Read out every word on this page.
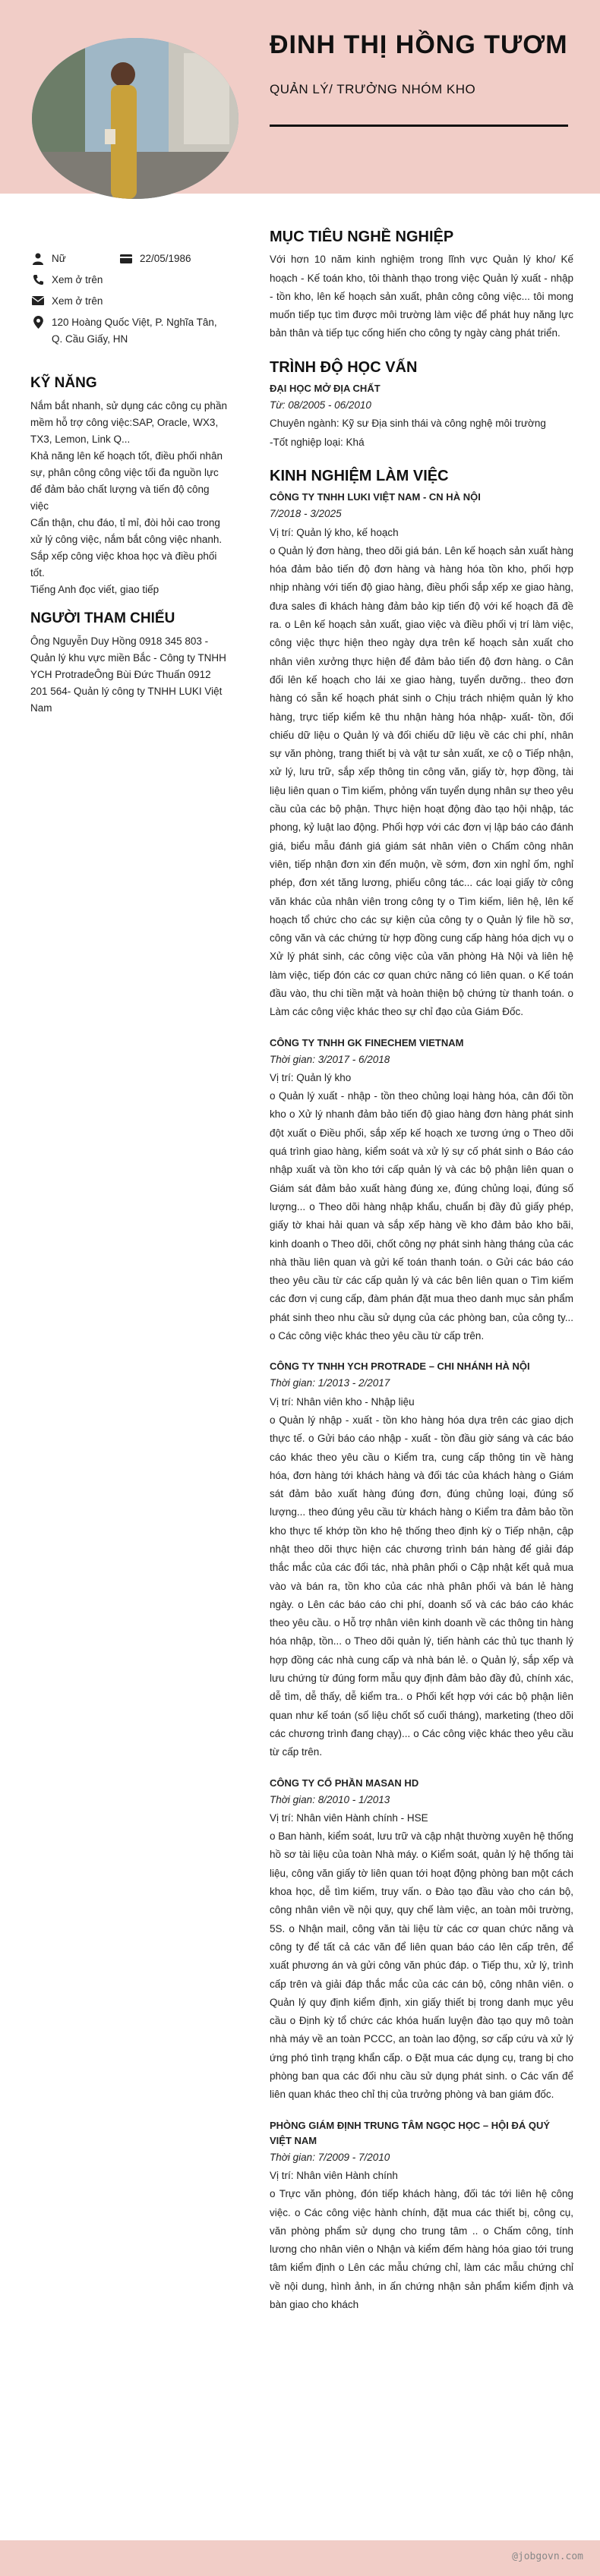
ĐINH THỊ HỒNG TƯƠM

QUẢN LÝ/ TRƯỞNG NHÓM KHO

Nữ	22/05/1986
Xem ở trên
Xem ở trên
120 Hoàng Quốc Việt, P. Nghĩa Tân, Q. Cầu Giấy, HN
KỸ NĂNG

Nắm bắt nhanh, sử dụng các công cụ phần mềm hỗ trợ công việc:SAP, Oracle, WX3, TX3, Lemon, Link Q...

Khả năng lên kế hoạch tốt, điều phối nhân sự, phân công công việc tối đa nguồn lực để đảm bảo chất lượng và tiến độ công việc

Cẩn thận, chu đáo, tỉ mỉ, đòi hỏi cao trong xử lý công việc, nắm bắt công việc nhanh. Sắp xếp công việc khoa học và điều phối tốt.

Tiếng Anh đọc viết, giao tiếp

NGƯỜI THAM CHIẾU

Ông Nguyễn Duy Hồng 0918 345 803 - Quản lý khu vực miền Bắc - Công ty TNHH YCH ProtradeÔng Bùi Đức Thuấn 0912 201 564- Quản lý công ty TNHH LUKI Việt Nam

MỤC TIÊU NGHỀ NGHIỆP
Với hơn 10 năm kinh nghiệm trong lĩnh vực Quản lý kho/ Kế hoạch - Kế toán kho, tôi thành thạo trong việc Quản lý xuất - nhập - tồn kho, lên kế hoạch sản xuất, phân công công việc... tôi mong muốn tiếp tục tìm được môi trường làm việc để phát huy năng lực bản thân và tiếp tục cống hiến cho công ty ngày càng phát triển.
TRÌNH ĐỘ HỌC VẤN
ĐẠI HỌC MỞ ĐỊA CHẤT
Từ: 08/2005 - 06/2010
Chuyên ngành: Kỹ sư Địa sinh thái và công nghệ môi trường
-Tốt nghiệp loại: Khá
KINH NGHIỆM LÀM VIỆC
CÔNG TY TNHH LUKI VIỆT NAM - CN HÀ NỘI
7/2018 - 3/2025
Vị trí: Quản lý kho, kế hoạch
o Quản lý đơn hàng, theo dõi giá bán. Lên kế hoạch sản xuất hàng hóa đảm bảo tiến độ đơn hàng và hàng hóa tồn kho, phối hợp nhịp nhàng với tiến độ giao hàng, điều phối sắp xếp xe giao hàng, đưa sales đi khách hàng đảm bảo kịp tiến độ với kế hoạch đã đề ra. o Lên kế hoạch sản xuất, giao việc và điều phối vị trí làm việc, công việc thực hiện theo ngày dựa trên kế hoạch sản xuất cho nhân viên xưởng thực hiện để đảm bảo tiến độ đơn hàng. o Cân đối lên kế hoạch cho lái xe giao hàng, tuyển dưỡng.. theo đơn hàng có sẵn kế hoạch phát sinh o Chịu trách nhiệm quản lý kho hàng, trực tiếp kiểm kê thu nhận hàng hóa nhập- xuất- tồn, đối chiếu dữ liệu o Quản lý và đối chiếu dữ liệu về các chi phí, nhân sự văn phòng, trang thiết bị và vật tư sản xuất, xe cộ o Tiếp nhận, xử lý, lưu trữ, sắp xếp thông tin công văn, giấy tờ, hợp đồng, tài liệu liên quan o Tìm kiếm, phỏng vấn tuyển dụng nhân sự theo yêu cầu của các bộ phận. Thực hiện hoạt động đào tạo hội nhập, tác phong, kỷ luật lao động. Phối hợp với các đơn vị lập báo cáo đánh giá, biểu mẫu đánh giá giám sát nhân viên o Chấm công nhân viên, tiếp nhận đơn xin đến muộn, về sớm, đơn xin nghỉ ốm, nghỉ phép, đơn xét tăng lương, phiếu công tác... các loại giấy tờ công văn khác của nhân viên trong công ty o Tìm kiếm, liên hệ, lên kế hoạch tổ chức cho các sự kiện của công ty o Quản lý file hồ sơ, công văn và các chứng từ hợp đồng cung cấp hàng hóa dịch vụ o Xử lý phát sinh, các công việc của văn phòng Hà Nội và liên hệ làm việc, tiếp đón các cơ quan chức năng có liên quan. o Kế toán đầu vào, thu chi tiền mặt và hoàn thiện bộ chứng từ thanh toán. o Làm các công việc khác theo sự chỉ đạo của Giám Đốc.
CÔNG TY TNHH GK FINECHEM VIETNAM
Thời gian: 3/2017 - 6/2018
Vị trí: Quản lý kho
o Quản lý xuất - nhập - tồn theo chủng loại hàng hóa, cân đối tồn kho o Xử lý nhanh đảm bảo tiến độ giao hàng đơn hàng phát sinh đột xuất o Điều phối, sắp xếp kế hoạch xe tương ứng o Theo dõi quá trình giao hàng, kiểm soát và xử lý sự cố phát sinh o Báo cáo nhập xuất và tồn kho tới cấp quản lý và các bộ phận liên quan o Giám sát đảm bảo xuất hàng đúng xe, đúng chủng loại, đúng số lượng... o Theo dõi hàng nhập khẩu, chuẩn bị đầy đủ giấy phép, giấy tờ khai hải quan và sắp xếp hàng về kho đảm bảo kho bãi, kinh doanh o Theo dõi, chốt công nợ phát sinh hàng tháng của các nhà thầu liên quan và gửi kế toán thanh toán. o Gửi các báo cáo theo yêu cầu từ các cấp quản lý và các bên liên quan o Tìm kiếm các đơn vị cung cấp, đàm phán đặt mua theo danh mục sản phẩm phát sinh theo nhu cầu sử dụng của các phòng ban, của công ty... o Các công việc khác theo yêu cầu từ cấp trên.
CÔNG TY TNHH YCH PROTRADE – CHI NHÁNH HÀ NỘI
Thời gian: 1/2013 - 2/2017
Vị trí: Nhân viên kho - Nhập liệu
o Quản lý nhập - xuất - tồn kho hàng hóa dựa trên các giao dịch thực tế. o Gửi báo cáo nhập - xuất - tồn đầu giờ sáng và các báo cáo khác theo yêu cầu o Kiểm tra, cung cấp thông tin về hàng hóa, đơn hàng tới khách hàng và đối tác của khách hàng o Giám sát đảm bảo xuất hàng đúng đơn, đúng chủng loại, đúng số lượng... theo đúng yêu cầu từ khách hàng o Kiểm tra đảm bảo tồn kho thực tế khớp tồn kho hệ thống theo định kỳ o Tiếp nhận, cập nhật theo dõi thực hiện các chương trình bán hàng để giải đáp thắc mắc của các đối tác, nhà phân phối o Cập nhật kết quả mua vào và bán ra, tồn kho của các nhà phân phối và bán lẻ hàng ngày. o Lên các báo cáo chi phí, doanh số và các báo cáo khác theo yêu cầu. o Hỗ trợ nhân viên kinh doanh về các thông tin hàng hóa nhập, tồn... o Theo dõi quản lý, tiến hành các thủ tục thanh lý hợp đồng các nhà cung cấp và nhà bán lẻ. o Quản lý, sắp xếp và lưu chứng từ đúng form mẫu quy định đảm bảo đầy đủ, chính xác, dễ tìm, dễ thấy, dễ kiểm tra.. o Phối kết hợp với các bộ phận liên quan như kế toán (số liệu chốt số cuối tháng), marketing (theo dõi các chương trình đang chạy)... o Các công việc khác theo yêu cầu từ cấp trên.
CÔNG TY CỔ PHẦN MASAN HD
Thời gian: 8/2010 - 1/2013
Vị trí: Nhân viên Hành chính - HSE
o Ban hành, kiểm soát, lưu trữ và cập nhật thường xuyên hệ thống hồ sơ tài liệu của toàn Nhà máy. o Kiểm soát, quản lý hệ thống tài liệu, công văn giấy tờ liên quan tới hoạt động phòng ban một cách khoa học, dễ tìm kiếm, truy vấn. o Đào tạo đầu vào cho cán bộ, công nhân viên về nội quy, quy chế làm việc, an toàn môi trường, 5S. o Nhận mail, công văn tài liệu từ các cơ quan chức năng và công ty để tất cả các văn để liên quan báo cáo lên cấp trên, để xuất phương án và gửi công văn phúc đáp. o Tiếp thu, xử lý, trình cấp trên và giải đáp thắc mắc của các cán bộ, công nhân viên. o Quản lý quy định kiểm định, xin giấy thiết bị trong danh mục yêu cầu o Định kỳ tổ chức các khóa huấn luyện đào tạo quy mô toàn nhà máy về an toàn PCCC, an toàn lao động, sơ cấp cứu và xử lý ứng phó tình trạng khẩn cấp. o Đặt mua các dụng cụ, trang bị cho phòng ban qua các đối nhu cầu sử dụng phát sinh. o Các vấn để liên quan khác theo chỉ thị của trưởng phòng và ban giám đốc.
PHÒNG GIÁM ĐỊNH TRUNG TÂM NGỌC HỌC – HỘI ĐÁ QUÝ VIỆT NAM
Thời gian: 7/2009 - 7/2010
Vị trí: Nhân viên Hành chính
o Trực văn phòng, đón tiếp khách hàng, đối tác tới liên hệ công việc. o Các công việc hành chính, đặt mua các thiết bị, công cụ, văn phòng phẩm sử dụng cho trung tâm .. o Chấm công, tính lương cho nhân viên o Nhận và kiểm đếm hàng hóa giao tới trung tâm kiểm định o Lên các mẫu chứng chỉ, làm các mẫu chứng chỉ về nội dung, hình ảnh, in ấn chứng nhận sản phẩm kiểm định và bàn giao cho khách
@jobgovn.com
